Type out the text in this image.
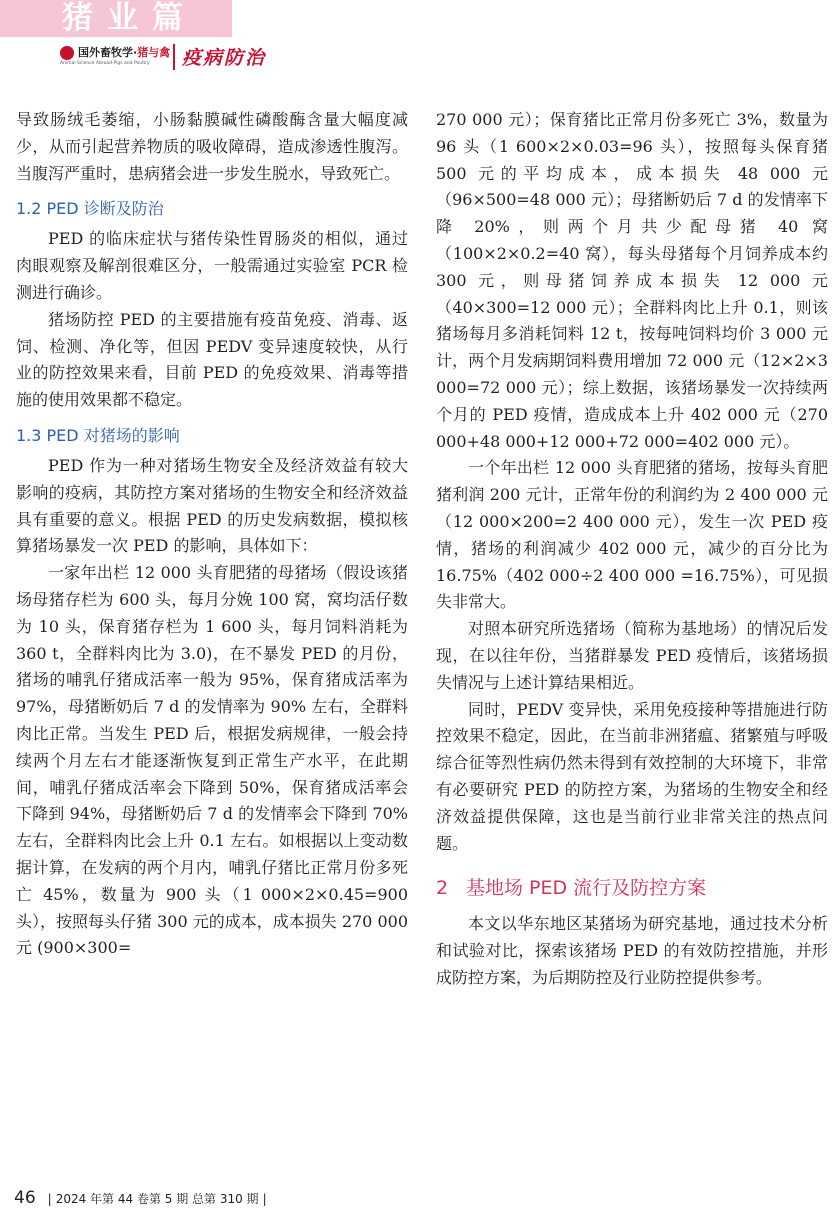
猪业篇
国外畜牧学·猪与禽
Animal Science Abroad-Pigs and Poultry 疫病防治

导致肠绒毛萎缩，小肠黏膜碱性磷酸酶含量大幅度减少，从而引起营养物质的吸收障碍，造成渗透性腹泻。当腹泻严重时，患病猪会进一步发生脱水，导致死亡。

1.2 PED 诊断及防治

PED 的临床症状与猪传染性胃肠炎的相似，通过肉眼观察及解剖很难区分，一般需通过实验室 PCR 检测进行确诊。

猪场防控 PED 的主要措施有疫苗免疫、消毒、返饲、检测、净化等，但因 PEDV 变异速度较快，从行业的防控效果来看，目前 PED 的免疫效果、消毒等措施的使用效果都不稳定。

1.3 PED 对猪场的影响

PED 作为一种对猪场生物安全及经济效益有较大影响的疫病，其防控方案对猪场的生物安全和经济效益具有重要的意义。根据 PED 的历史发病数据，模拟核算猪场暴发一次 PED 的影响，具体如下：

一家年出栏 12 000 头育肥猪的母猪场（假设该猪场母猪存栏为 600 头，每月分娩 100 窝，窝均活仔数为 10 头，保育猪存栏为 1 600 头，每月饲料消耗为 360 t，全群料肉比为 3.0)，在不暴发 PED 的月份，猪场的哺乳仔猪成活率一般为 95%，保育猪成活率为 97%，母猪断奶后 7 d 的发情率为 90% 左右，全群料肉比正常。当发生 PED 后，根据发病规律，一般会持续两个月左右才能逐渐恢复到正常生产水平，在此期间，哺乳仔猪成活率会下降到 50%，保育猪成活率会下降到 94%，母猪断奶后 7 d 的发情率会下降到 70% 左右，全群料肉比会上升 0.1 左右。如根据以上变动数据计算，在发病的两个月内，哺乳仔猪比正常月份多死亡 45%，数量为 900 头（1 000×2×0.45=900 头），按照每头仔猪 300 元的成本，成本损失 270 000 元 (900×300=

270 000 元）；保育猪比正常月份多死亡 3%，数量为 96 头（1 600×2×0.03=96 头），按照每头保育猪 500 元的平均成本，成本损失 48 000 元（96×500=48 000 元）；母猪断奶后 7 d 的发情率下降 20%，则两个月共少配母猪 40 窝（100×2×0.2=40 窝），每头母猪每个月饲养成本约 300 元，则母猪饲养成本损失 12 000 元（40×300=12 000 元）；全群料肉比上升 0.1，则该猪场每月多消耗饲料 12 t，按每吨饲料均价 3 000 元计，两个月发病期饲料费用增加 72 000 元（12×2×3 000=72 000 元）；综上数据，该猪场暴发一次持续两个月的 PED 疫情，造成成本上升 402 000 元（270 000+48 000+12 000+72 000=402 000 元）。

一个年出栏 12 000 头育肥猪的猪场，按每头育肥猪利润 200 元计，正常年份的利润约为 2 400 000 元（12 000×200=2 400 000 元），发生一次 PED 疫情，猪场的利润减少 402 000 元，减少的百分比为 16.75%（402 000÷2 400 000 =16.75%），可见损失非常大。

对照本研究所选猪场（简称为基地场）的情况后发现，在以往年份，当猪群暴发 PED 疫情后，该猪场损失情况与上述计算结果相近。

同时，PEDV 变异快，采用免疫接种等措施进行防控效果不稳定，因此，在当前非洲猪瘟、猪繁殖与呼吸综合征等烈性病仍然未得到有效控制的大环境下，非常有必要研究 PED 的防控方案，为猪场的生物安全和经济效益提供保障，这也是当前行业非常关注的热点问题。

2 基地场 PED 流行及防控方案

本文以华东地区某猪场为研究基地，通过技术分析和试验对比，探索该猪场 PED 的有效防控措施，并形成防控方案，为后期防控及行业防控提供参考。

46 | 2024 年第 44 卷第 5 期 总第 310 期 |
